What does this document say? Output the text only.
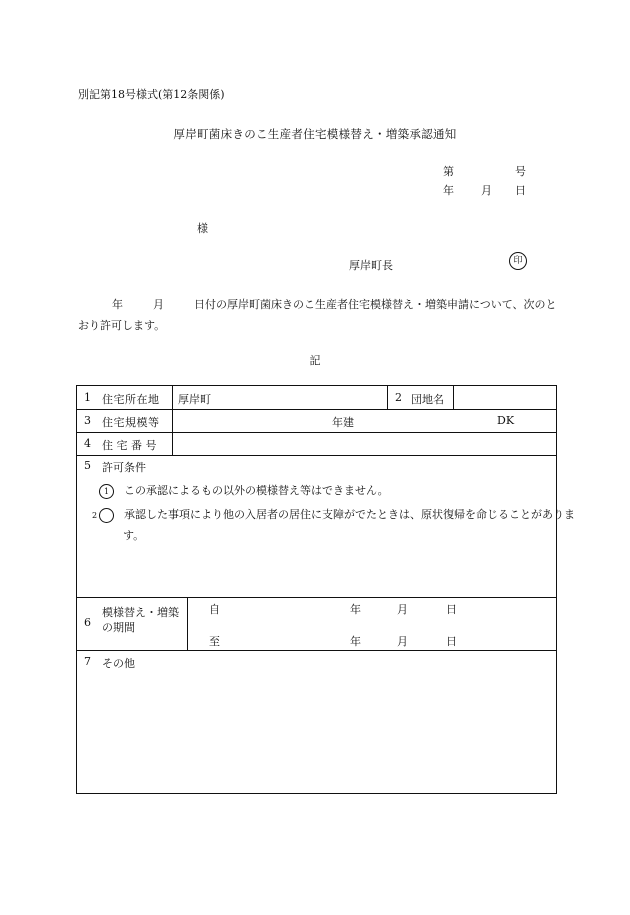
別記第18号様式(第12条関係)
厚岸町菌床きのこ生産者住宅模様替え・増築承認通知
第	号
年 月 日
様
厚岸町長	印
年	月	日付の厚岸町菌床きのこ生産者住宅模様替え・増築申請について、次のとおり許可します。
記
1 住宅所在地 厚岸町	2 団地名
3 住宅規模等	年建	DK
4 住 宅 番 号
5 許可条件
1 この承認によるもの以外の模様替え等はできません。
2 承認した事項により他の入居者の居住に支障がでたときは、原状復帰を命じることがあります。
6
模様替え・増築の期間
自	年	月	日
至	年	月	日
7 その他
